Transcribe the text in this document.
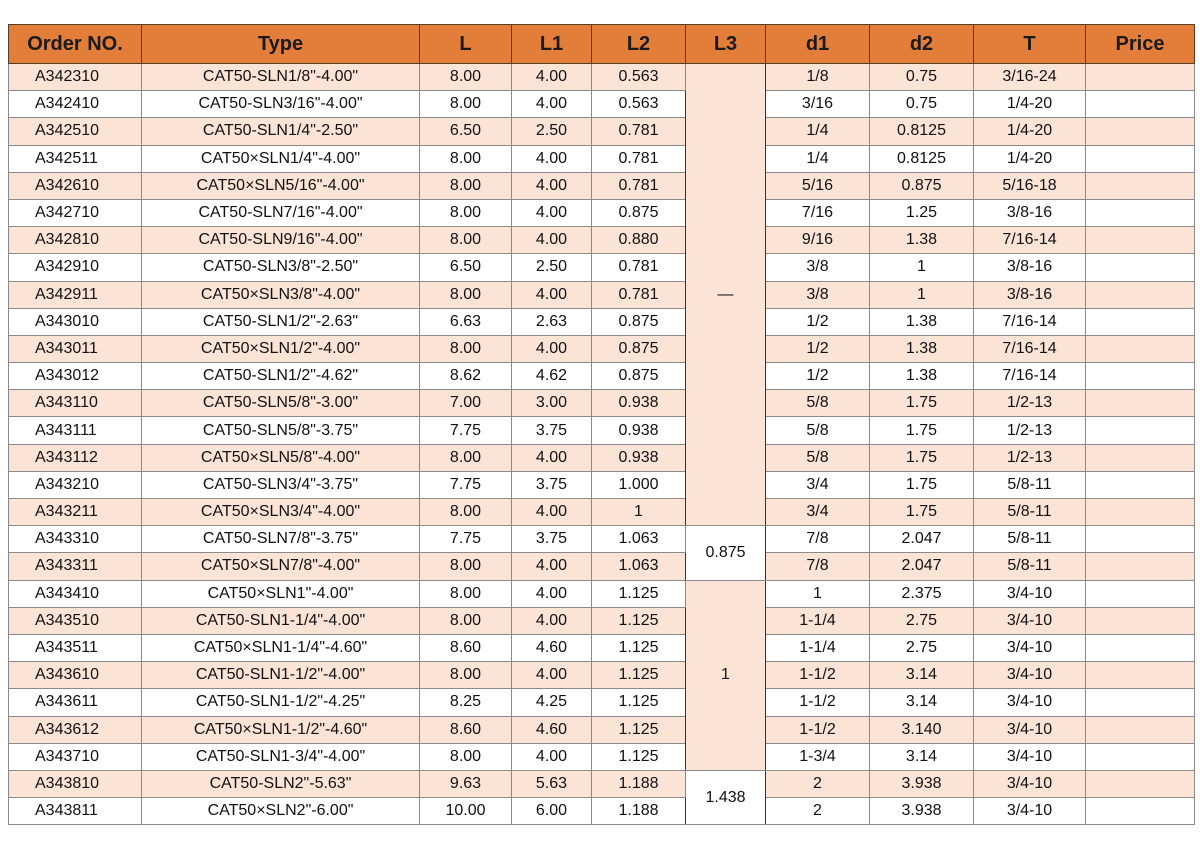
Order NO.	Type	L	L1	L2	L3	d1	d2	T	Price
A342310	CAT50-SLN1/8"-4.00"	8.00	4.00	0.563	—	1/8	0.75	3/16-24	
A342410	CAT50-SLN3/16"-4.00"	8.00	4.00	0.563		3/16	0.75	1/4-20	
A342510	CAT50-SLN1/4"-2.50"	6.50	2.50	0.781		1/4	0.8125	1/4-20	
A342511	CAT50×SLN1/4"-4.00"	8.00	4.00	0.781		1/4	0.8125	1/4-20	
A342610	CAT50×SLN5/16"-4.00"	8.00	4.00	0.781		5/16	0.875	5/16-18	
A342710	CAT50-SLN7/16"-4.00"	8.00	4.00	0.875		7/16	1.25	3/8-16	
A342810	CAT50-SLN9/16"-4.00"	8.00	4.00	0.880		9/16	1.38	7/16-14	
A342910	CAT50-SLN3/8"-2.50"	6.50	2.50	0.781		3/8	1	3/8-16	
A342911	CAT50×SLN3/8"-4.00"	8.00	4.00	0.781		3/8	1	3/8-16	
A343010	CAT50-SLN1/2"-2.63"	6.63	2.63	0.875		1/2	1.38	7/16-14	
A343011	CAT50×SLN1/2"-4.00"	8.00	4.00	0.875		1/2	1.38	7/16-14	
A343012	CAT50-SLN1/2"-4.62"	8.62	4.62	0.875		1/2	1.38	7/16-14	
A343110	CAT50-SLN5/8"-3.00"	7.00	3.00	0.938		5/8	1.75	1/2-13	
A343111	CAT50-SLN5/8"-3.75"	7.75	3.75	0.938		5/8	1.75	1/2-13	
A343112	CAT50×SLN5/8"-4.00"	8.00	4.00	0.938		5/8	1.75	1/2-13	
A343210	CAT50-SLN3/4"-3.75"	7.75	3.75	1.000		3/4	1.75	5/8-11	
A343211	CAT50×SLN3/4"-4.00"	8.00	4.00	1		3/4	1.75	5/8-11	
A343310	CAT50-SLN7/8"-3.75"	7.75	3.75	1.063	0.875	7/8	2.047	5/8-11	
A343311	CAT50×SLN7/8"-4.00"	8.00	4.00	1.063		7/8	2.047	5/8-11	
A343410	CAT50×SLN1"-4.00"	8.00	4.00	1.125	1	1	2.375	3/4-10	
A343510	CAT50-SLN1-1/4"-4.00"	8.00	4.00	1.125		1-1/4	2.75	3/4-10	
A343511	CAT50×SLN1-1/4"-4.60"	8.60	4.60	1.125		1-1/4	2.75	3/4-10	
A343610	CAT50-SLN1-1/2"-4.00"	8.00	4.00	1.125		1-1/2	3.14	3/4-10	
A343611	CAT50-SLN1-1/2"-4.25"	8.25	4.25	1.125		1-1/2	3.14	3/4-10	
A343612	CAT50×SLN1-1/2"-4.60"	8.60	4.60	1.125		1-1/2	3.140	3/4-10	
A343710	CAT50-SLN1-3/4"-4.00"	8.00	4.00	1.125		1-3/4	3.14	3/4-10	
A343810	CAT50-SLN2"-5.63"	9.63	5.63	1.188	1.438	2	3.938	3/4-10	
A343811	CAT50×SLN2"-6.00"	10.00	6.00	1.188		2	3.938	3/4-10	
